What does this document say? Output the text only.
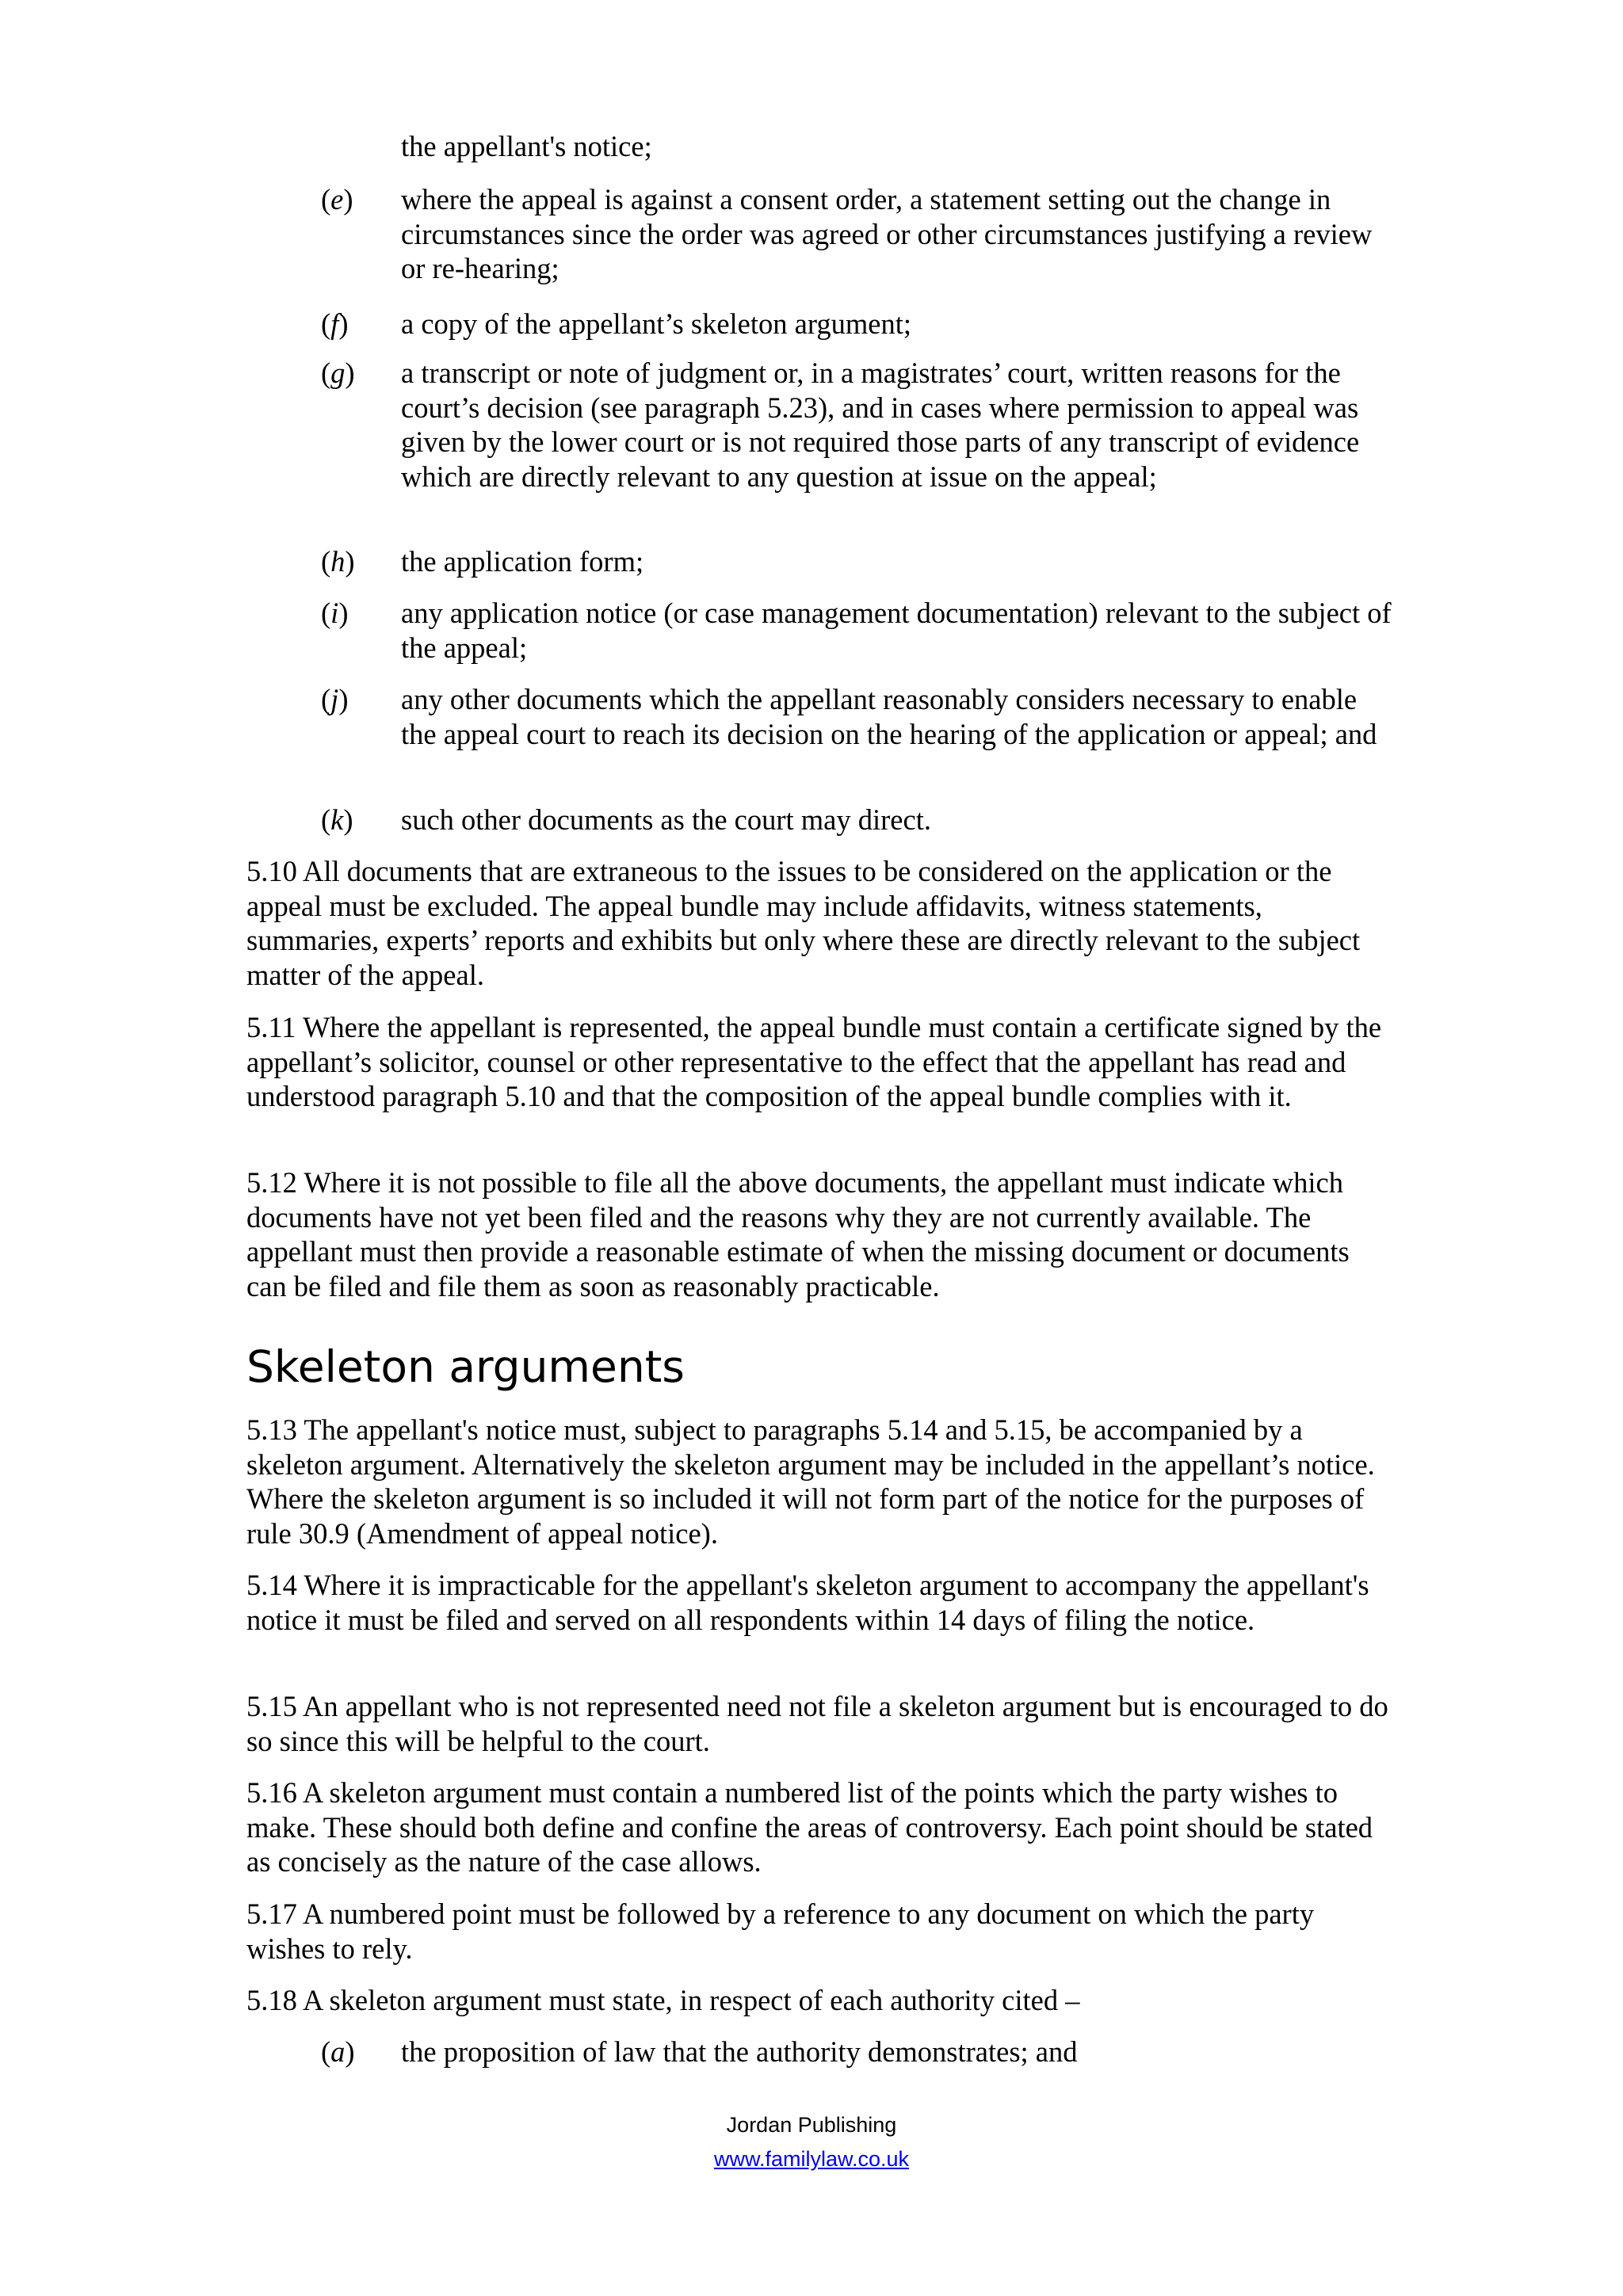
the appellant's notice;

(e) where the appeal is against a consent order, a statement setting out the change in circumstances since the order was agreed or other circumstances justifying a review or re-hearing;
(f) a copy of the appellant’s skeleton argument;
(g) a transcript or note of judgment or, in a magistrates’ court, written reasons for the court’s decision (see paragraph 5.23), and in cases where permission to appeal was given by the lower court or is not required those parts of any transcript of evidence which are directly relevant to any question at issue on the appeal;
(h) the application form;
(i) any application notice (or case management documentation) relevant to the subject of the appeal;
(j) any other documents which the appellant reasonably considers necessary to enable the appeal court to reach its decision on the hearing of the application or appeal; and
(k) such other documents as the court may direct.

5.10 All documents that are extraneous to the issues to be considered on the application or the appeal must be excluded. The appeal bundle may include affidavits, witness statements, summaries, experts’ reports and exhibits but only where these are directly relevant to the subject matter of the appeal.

5.11 Where the appellant is represented, the appeal bundle must contain a certificate signed by the appellant’s solicitor, counsel or other representative to the effect that the appellant has read and understood paragraph 5.10 and that the composition of the appeal bundle complies with it.

5.12 Where it is not possible to file all the above documents, the appellant must indicate which documents have not yet been filed and the reasons why they are not currently available. The appellant must then provide a reasonable estimate of when the missing document or documents can be filed and file them as soon as reasonably practicable.

Skeleton arguments

5.13 The appellant's notice must, subject to paragraphs 5.14 and 5.15, be accompanied by a skeleton argument. Alternatively the skeleton argument may be included in the appellant’s notice. Where the skeleton argument is so included it will not form part of the notice for the purposes of rule 30.9 (Amendment of appeal notice).

5.14 Where it is impracticable for the appellant's skeleton argument to accompany the appellant's notice it must be filed and served on all respondents within 14 days of filing the notice.

5.15 An appellant who is not represented need not file a skeleton argument but is encouraged to do so since this will be helpful to the court.

5.16 A skeleton argument must contain a numbered list of the points which the party wishes to make. These should both define and confine the areas of controversy. Each point should be stated as concisely as the nature of the case allows.

5.17 A numbered point must be followed by a reference to any document on which the party wishes to rely.

5.18 A skeleton argument must state, in respect of each authority cited –

(a) the proposition of law that the authority demonstrates; and
Jordan Publishing
www.familylaw.co.uk
